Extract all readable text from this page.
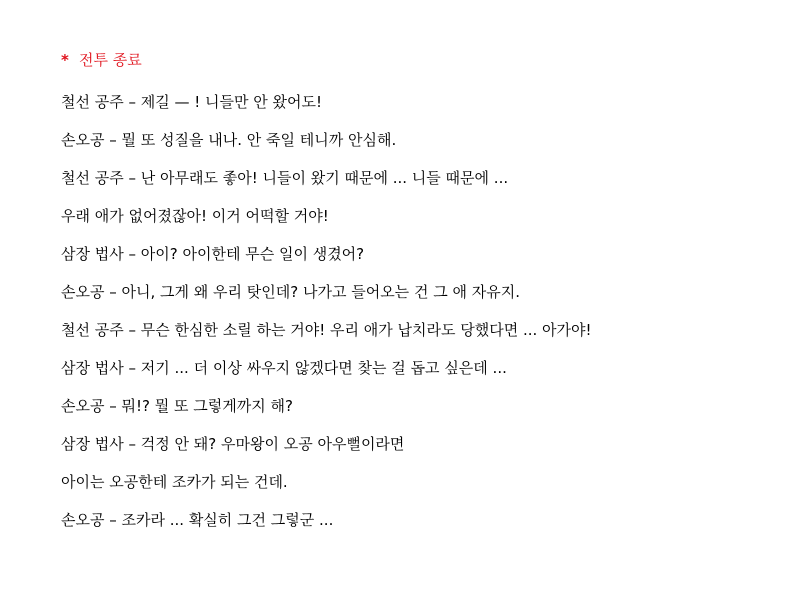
* 전투 종료
철선 공주 – 제길 — ! 니들만 안 왔어도!
손오공 – 뭘 또 성질을 내나. 안 죽일 테니까 안심해.
철선 공주 – 난 아무래도 좋아! 니들이 왔기 때문에 ... 니들 때문에 ...
우래 애가 없어졌잖아! 이거 어떡할 거야!
삼장 법사 – 아이? 아이한테 무슨 일이 생겼어?
손오공 – 아니, 그게 왜 우리 탓인데? 나가고 들어오는 건 그 애 자유지.
철선 공주 – 무슨 한심한 소릴 하는 거야! 우리 애가 납치라도 당했다면 ... 아가야!
삼장 법사 – 저기 ... 더 이상 싸우지 않겠다면 찾는 걸 돕고 싶은데 ...
손오공 – 뭐!? 뭘 또 그렇게까지 해?
삼장 법사 – 걱정 안 돼? 우마왕이 오공 아우뻘이라면
아이는 오공한테 조카가 되는 건데.
손오공 – 조카라 ... 확실히 그건 그렇군 ...
